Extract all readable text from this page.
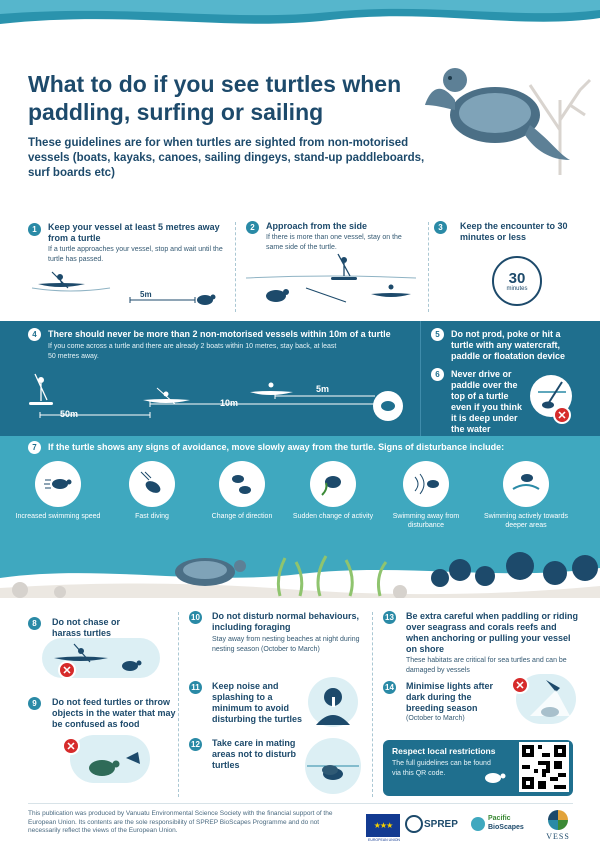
What to do if you see turtles when paddling, surfing or sailing
These guidelines are for when turtles are sighted from non-motorised vessels (boats, kayaks, canoes, sailing dingeys, stand-up paddleboards, surf boards etc)
1	Keep your vessel at least 5 metres away from a turtle
If a turtle approaches your vessel, stop and wait until the turtle has passed.
5m
2	Approach from the side
If there is more than one vessel, stay on the same side of the turtle.
3	Keep the encounter to 30 minutes or less
30
minutes
4	There should never be more than 2 non-motorised vessels within 10m of a turtle
If you come across a turtle and there are already 2 boats within 10 metres, stay back, at least 50 metres away.
50m
10m
5m
5	Do not prod, poke or hit a turtle with any watercraft, paddle or floatation device
6	Never drive or paddle over the top of a turtle even if you think it is deep under the water
✕
7	If the turtle shows any signs of avoidance, move slowly away from the turtle. Signs of disturbance include:
Increased swimming speed	Fast diving	Change of direction	Sudden change of activity	Swimming away from disturbance
Swimming actively towards deeper areas
8	Do not chase or harass turtles
✕
9	Do not feed turtles or throw objects in the water that may be confused as food
✕
10 Do not disturb normal behaviours, including foraging
Stay away from nesting beaches at night during nesting season (October to March)
11 Keep noise and splashing to a minimum to avoid disturbing the turtles
12 Take care in mating areas not to disturb turtles
13 Be extra careful when paddling or riding over seagrass and corals reefs and when anchoring or pulling your vessel on shore
These habitats are critical for sea turtles and can be damaged by vessels
14 Minimise lights after dark during the breeding season
(October to March)
✕
Respect local restrictions
The full guidelines can be found via this QR code.
This publication was produced by Vanuatu Environmental Science Society with the financial support of the European Union. Its contents are the sole responsibility of SPREP BioScapes Programme and do not necessarily reflect the views of the European Union.
★★★
EUROPEAN UNION
SPREP
Pacific
BioScapes
VESS
